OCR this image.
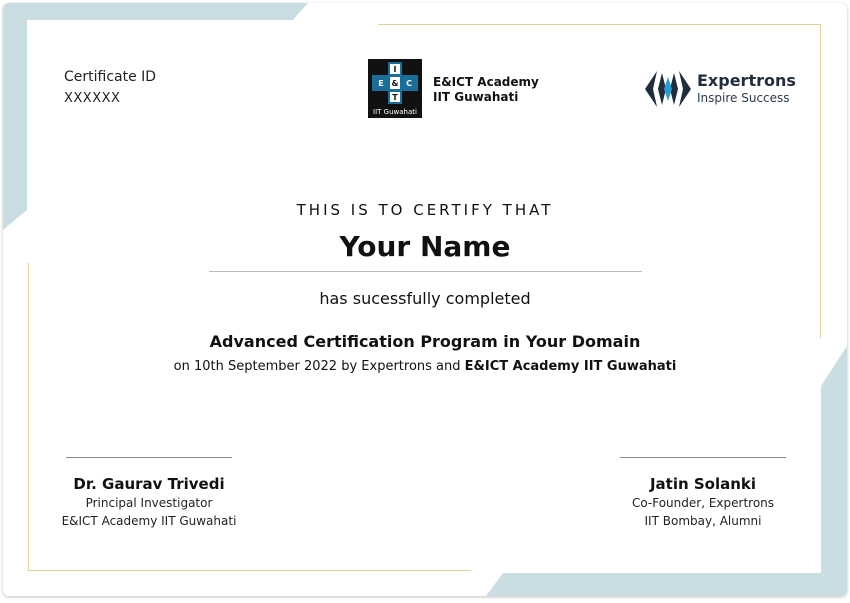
Certificate ID
XXXXXX
I
E & C
T
IIT Guwahati
E&ICT Academy
IIT Guwahati
Expertrons
Inspire Success
THIS IS TO CERTIFY THAT
Your Name
has sucessfully completed
Advanced Certification Program in Your Domain
on 10th September 2022 by Expertrons and E&ICT Academy IIT Guwahati
Dr. Gaurav Trivedi
Principal Investigator
E&ICT Academy IIT Guwahati
Jatin Solanki
Co-Founder, Expertrons
IIT Bombay, Alumni
